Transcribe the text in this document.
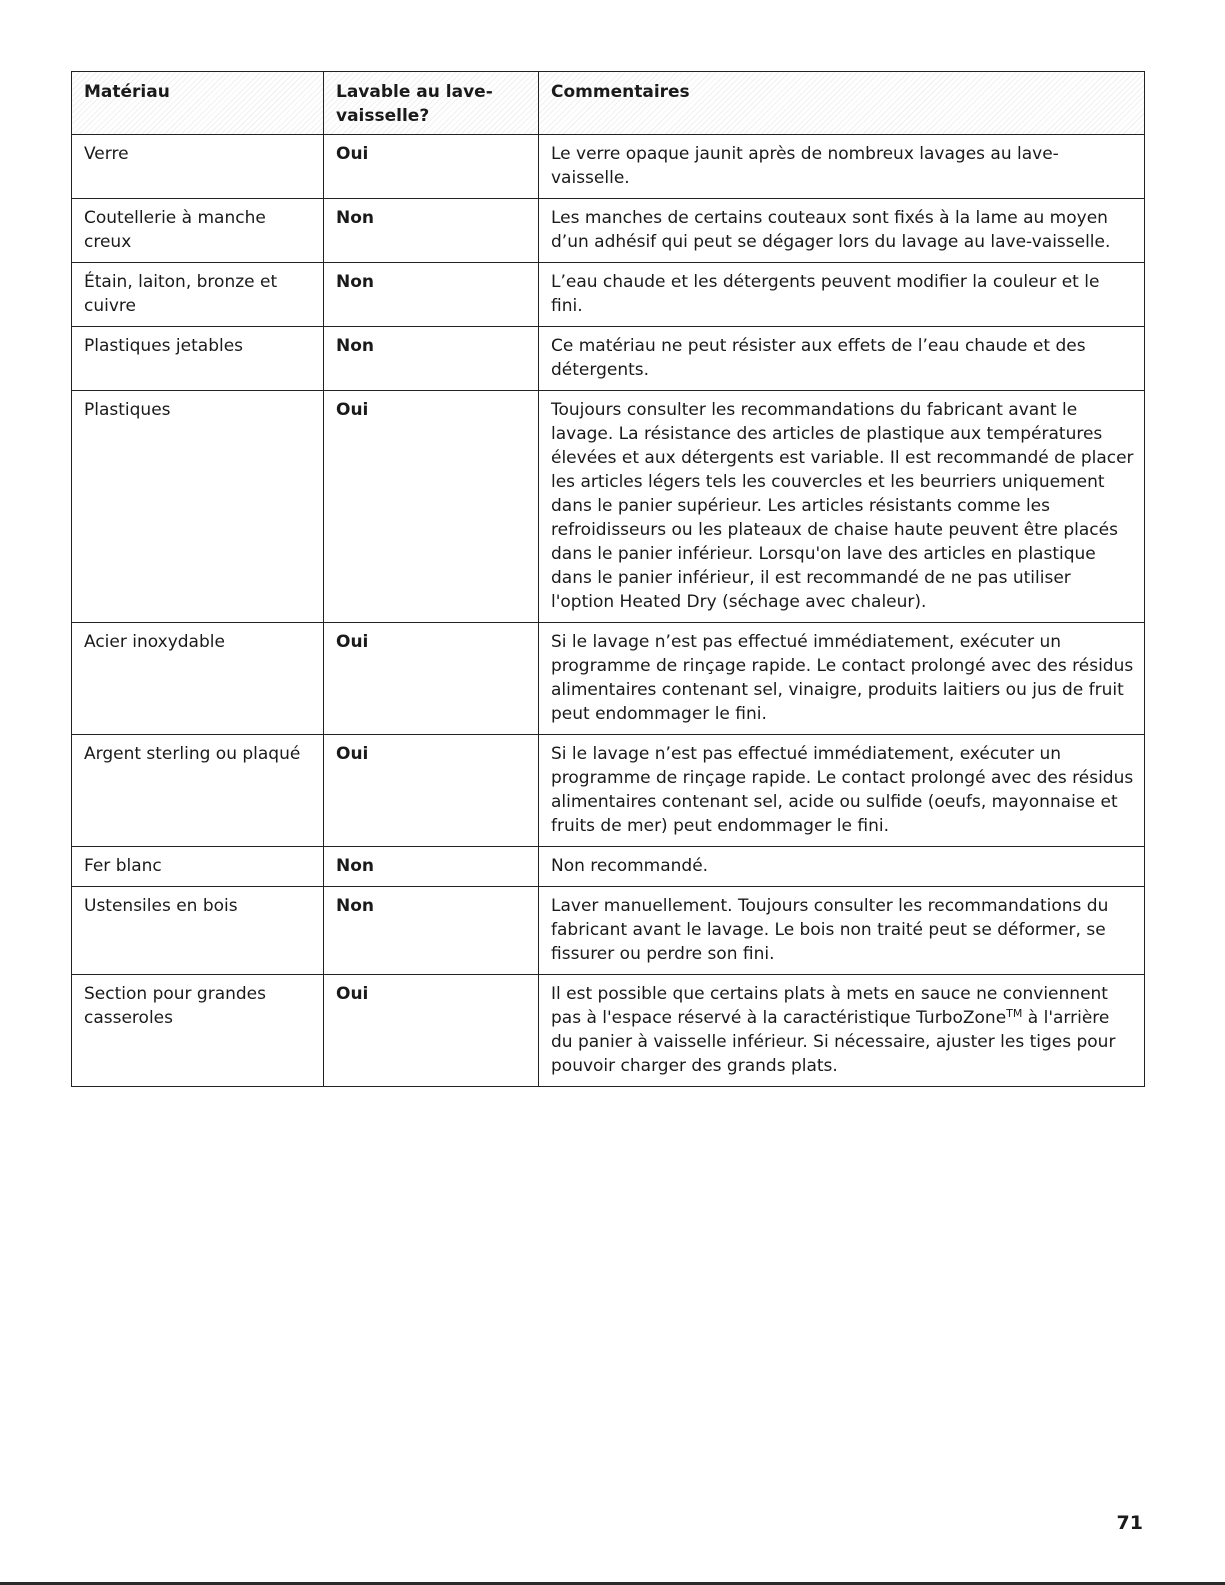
Matériau	Lavable au lave-vaisselle?	Commentaires
Verre	Oui	Le verre opaque jaunit après de nombreux lavages au lave-vaisselle.
Coutellerie à manche creux	Non	Les manches de certains couteaux sont fixés à la lame au moyen d’un adhésif qui peut se dégager lors du lavage au lave-vaisselle.
Étain, laiton, bronze et cuivre	Non	L’eau chaude et les détergents peuvent modifier la couleur et le fini.
Plastiques jetables	Non	Ce matériau ne peut résister aux effets de l’eau chaude et des détergents.
Plastiques	Oui	Toujours consulter les recommandations du fabricant avant le lavage. La résistance des articles de plastique aux températures élevées et aux détergents est variable. Il est recommandé de placer les articles légers tels les couvercles et les beurriers uniquement dans le panier supérieur. Les articles résistants comme les refroidisseurs ou les plateaux de chaise haute peuvent être placés dans le panier inférieur. Lorsqu'on lave des articles en plastique dans le panier inférieur, il est recommandé de ne pas utiliser l'option Heated Dry (séchage avec chaleur).
Acier inoxydable	Oui	Si le lavage n’est pas effectué immédiatement, exécuter un programme de rinçage rapide. Le contact prolongé avec des résidus alimentaires contenant sel, vinaigre, produits laitiers ou jus de fruit peut endommager le fini.
Argent sterling ou plaqué	Oui	Si le lavage n’est pas effectué immédiatement, exécuter un programme de rinçage rapide. Le contact prolongé avec des résidus alimentaires contenant sel, acide ou sulfide (oeufs, mayonnaise et fruits de mer) peut endommager le fini.
Fer blanc	Non	Non recommandé.
Ustensiles en bois	Non	Laver manuellement. Toujours consulter les recommandations du fabricant avant le lavage. Le bois non traité peut se déformer, se fissurer ou perdre son fini.
Section pour grandes casseroles	Oui	Il est possible que certains plats à mets en sauce ne conviennent pas à l'espace réservé à la caractéristique TurboZone™ à l'arrière du panier à vaisselle inférieur. Si nécessaire, ajuster les tiges pour pouvoir charger des grands plats.
71
